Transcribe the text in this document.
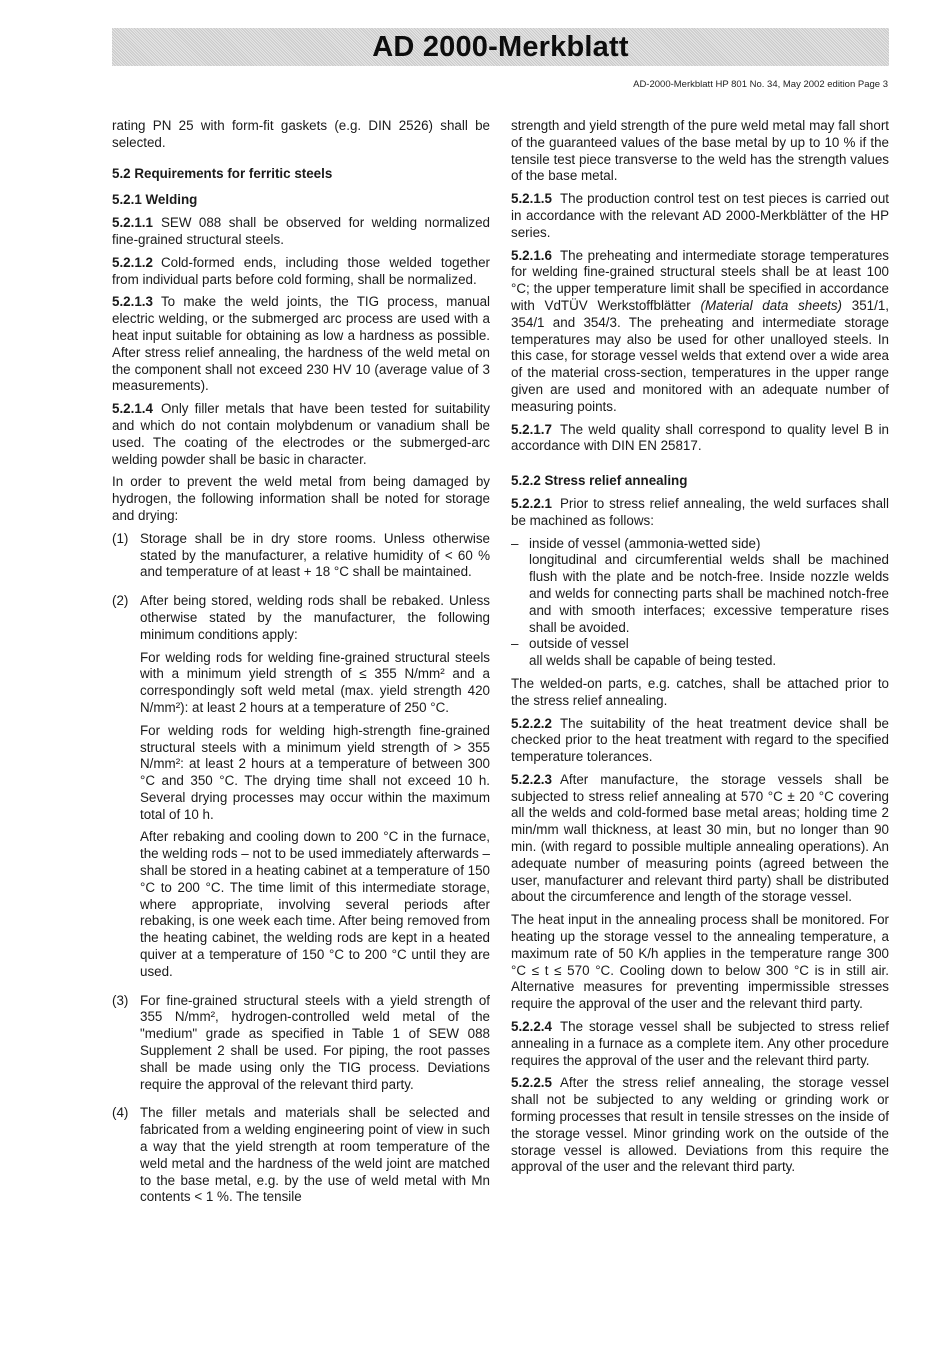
AD 2000-Merkblatt
AD-2000-Merkblatt HP 801 No. 34, May 2002 edition Page 3

rating PN 25 with form-fit gaskets (e.g. DIN 2526) shall be selected.

5.2 Requirements for ferritic steels
5.2.1 Welding

5.2.1.1 SEW 088 shall be observed for welding normalized fine-grained structural steels.

5.2.1.2 Cold-formed ends, including those welded together from individual parts before cold forming, shall be normalized.

5.2.1.3 To make the weld joints, the TIG process, manual electric welding, or the submerged arc process are used with a heat input suitable for obtaining as low a hardness as possible. After stress relief annealing, the hardness of the weld metal on the component shall not exceed 230 HV 10 (average value of 3 measurements).

5.2.1.4 Only filler metals that have been tested for suitability and which do not contain molybdenum or vanadium shall be used. The coating of the electrodes or the submerged-arc welding powder shall be basic in character.

In order to prevent the weld metal from being damaged by hydrogen, the following information shall be noted for storage and drying:

(1) Storage shall be in dry store rooms. Unless otherwise stated by the manufacturer, a relative humidity of < 60 % and temperature of at least + 18 °C shall be maintained.

(2) After being stored, welding rods shall be rebaked. Unless otherwise stated by the manufacturer, the following minimum conditions apply:

For welding rods for welding fine-grained structural steels with a minimum yield strength of ≤ 355 N/mm² and a correspondingly soft weld metal (max. yield strength 420 N/mm²): at least 2 hours at a temperature of 250 °C.

For welding rods for welding high-strength fine-grained structural steels with a minimum yield strength of > 355 N/mm²: at least 2 hours at a temperature of between 300 °C and 350 °C. The drying time shall not exceed 10 h. Several drying processes may occur within the maximum total of 10 h.

After rebaking and cooling down to 200 °C in the furnace, the welding rods – not to be used immediately afterwards – shall be stored in a heating cabinet at a temperature of 150 °C to 200 °C. The time limit of this intermediate storage, where appropriate, involving several periods after rebaking, is one week each time. After being removed from the heating cabinet, the welding rods are kept in a heated quiver at a temperature of 150 °C to 200 °C until they are used.

(3) For fine-grained structural steels with a yield strength of 355 N/mm², hydrogen-controlled weld metal of the "medium" grade as specified in Table 1 of SEW 088 Supplement 2 shall be used. For piping, the root passes shall be made using only the TIG process. Deviations require the approval of the relevant third party.

(4) The filler metals and materials shall be selected and fabricated from a welding engineering point of view in such a way that the yield strength at room temperature of the weld metal and the hardness of the weld joint are matched to the base metal, e.g. by the use of weld metal with Mn contents < 1 %. The tensile

strength and yield strength of the pure weld metal may fall short of the guaranteed values of the base metal by up to 10 % if the tensile test piece transverse to the weld has the strength values of the base metal.

5.2.1.5 The production control test on test pieces is carried out in accordance with the relevant AD 2000-Merkblätter of the HP series.

5.2.1.6 The preheating and intermediate storage temperatures for welding fine-grained structural steels shall be at least 100 °C; the upper temperature limit shall be specified in accordance with VdTÜV Werkstoffblätter (Material data sheets) 351/1, 354/1 and 354/3. The preheating and intermediate storage temperatures may also be used for other unalloyed steels. In this case, for storage vessel welds that extend over a wide area of the material cross-section, temperatures in the upper range given are used and monitored with an adequate number of measuring points.

5.2.1.7 The weld quality shall correspond to quality level B in accordance with DIN EN 25817.

5.2.2 Stress relief annealing

5.2.2.1 Prior to stress relief annealing, the weld surfaces shall be machined as follows:

– inside of vessel (ammonia-wetted side)
longitudinal and circumferential welds shall be machined flush with the plate and be notch-free. Inside nozzle welds and welds for connecting parts shall be machined notch-free and with smooth interfaces; excessive temperature rises shall be avoided.
– outside of vessel
all welds shall be capable of being tested.

The welded-on parts, e.g. catches, shall be attached prior to the stress relief annealing.

5.2.2.2 The suitability of the heat treatment device shall be checked prior to the heat treatment with regard to the specified temperature tolerances.

5.2.2.3 After manufacture, the storage vessels shall be subjected to stress relief annealing at 570 °C ± 20 °C covering all the welds and cold-formed base metal areas; holding time 2 min/mm wall thickness, at least 30 min, but no longer than 90 min. (with regard to possible multiple annealing operations). An adequate number of measuring points (agreed between the user, manufacturer and relevant third party) shall be distributed about the circumference and length of the storage vessel.

The heat input in the annealing process shall be monitored. For heating up the storage vessel to the annealing temperature, a maximum rate of 50 K/h applies in the temperature range 300 °C ≤ t ≤ 570 °C. Cooling down to below 300 °C is in still air. Alternative measures for preventing impermissible stresses require the approval of the user and the relevant third party.

5.2.2.4 The storage vessel shall be subjected to stress relief annealing in a furnace as a complete item. Any other procedure requires the approval of the user and the relevant third party.

5.2.2.5 After the stress relief annealing, the storage vessel shall not be subjected to any welding or grinding work or forming processes that result in tensile stresses on the inside of the storage vessel. Minor grinding work on the outside of the storage vessel is allowed. Deviations from this require the approval of the user and the relevant third party.
